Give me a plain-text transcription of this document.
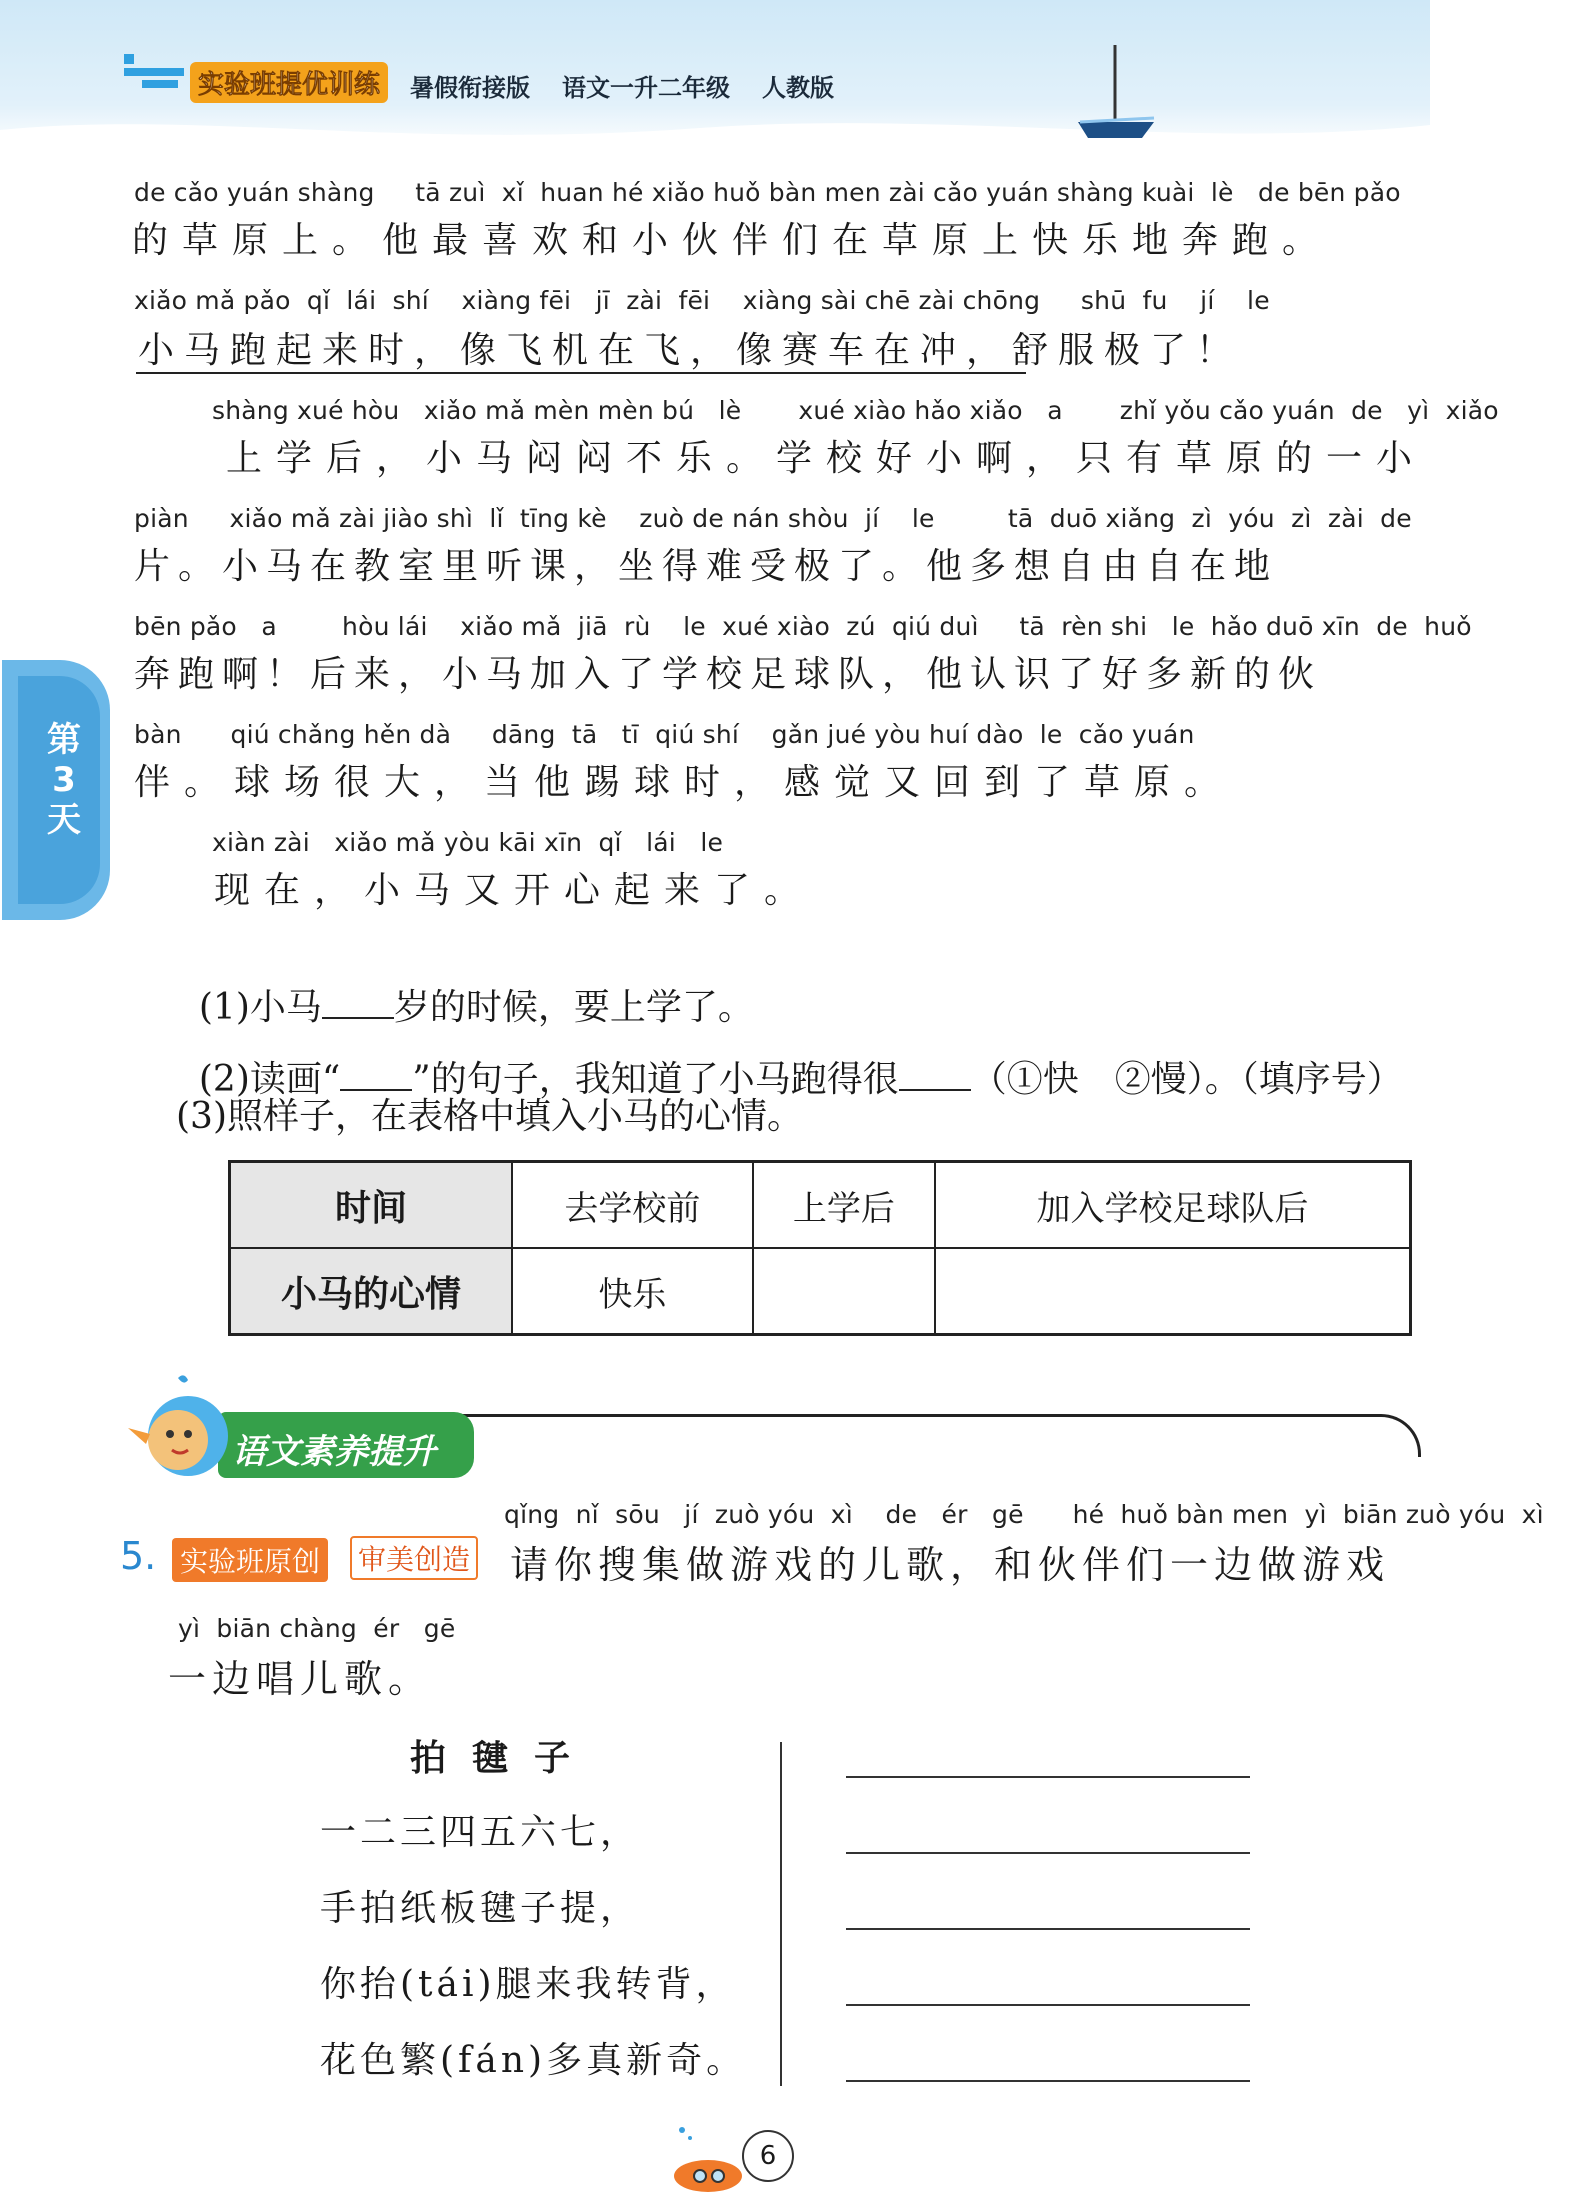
实验班提优训练	暑假衔接版 语文一升二年级 人教版
第3天
de cǎo yuán shàng     tā zuì  xǐ  huan hé xiǎo huǒ bàn men zài cǎo yuán shàng kuài  lè   de bēn pǎo
的草原上。他最喜欢和小伙伴们在草原上快乐地奔跑。
xiǎo mǎ pǎo  qǐ  lái  shí    xiàng fēi   jī  zài  fēi    xiàng sài chē zài chōng     shū  fu    jí    le
小马跑起来时，像飞机在飞，像赛车在冲，舒服极了！
shàng xué hòu   xiǎo mǎ mèn mèn bú   lè       xué xiào hǎo xiǎo   a       zhǐ yǒu cǎo yuán  de   yì  xiǎo
上学后，小马闷闷不乐。学校好小啊，只有草原的一小
piàn     xiǎo mǎ zài jiào shì  lǐ  tīng kè    zuò de nán shòu  jí    le         tā  duō xiǎng  zì  yóu  zì  zài  de
片。小马在教室里听课，坐得难受极了。他多想自由自在地
bēn pǎo   a        hòu lái    xiǎo mǎ  jiā  rù    le  xué xiào  zú  qiú duì     tā  rèn shi   le  hǎo duō xīn  de  huǒ
奔跑啊！后来，小马加入了学校足球队，他认识了好多新的伙
bàn      qiú chǎng hěn dà     dāng  tā   tī  qiú shí    gǎn jué yòu huí dào  le  cǎo yuán
伴。球场很大，当他踢球时，感觉又回到了草原。
xiàn zài   xiǎo mǎ yòu kāi xīn  qǐ   lái   le
现在，小马又开心起来了。

(1)小马 岁的时候，要上学了。

(2)读画“ ”的句子，我知道了小马跑得很 （①快　②慢）。（填序号）

(3)照样子，在表格中填入小马的心情。
时间	去学校前	上学后	加入学校足球队后
小马的心情	快乐		
语文素养提升
5. 实验班原创 审美创造
qǐng  nǐ  sōu   jí  zuò yóu  xì    de   ér   gē      hé  huǒ bàn men  yì  biān zuò yóu  xì
请你搜集做游戏的儿歌，和伙伴们一边做游戏
yì  biān chàng  ér   gē
一边唱儿歌。
拍毽子
一二三四五六七，
手拍纸板毽子提，
你抬(tái)腿来我转背，
花色繁(fán)多真新奇。
6
